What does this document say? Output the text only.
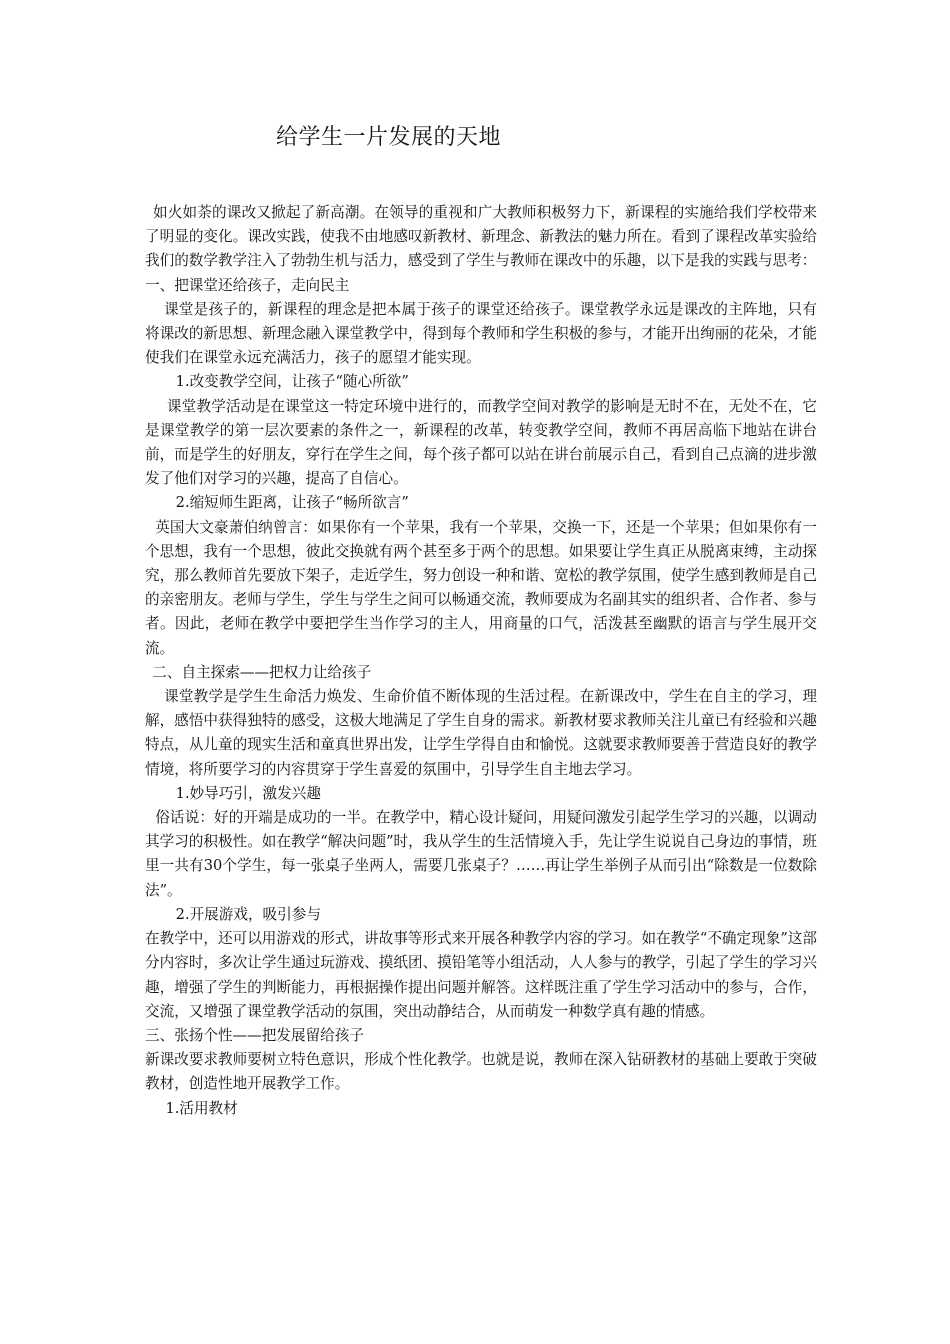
给学生一片发展的天地

如火如荼的课改又掀起了新高潮。在领导的重视和广大教师积极努力下，新课程的实施给我们学校带来了明显的变化。课改实践，使我不由地感叹新教材、新理念、新教法的魅力所在。看到了课程改革实验给我们的数学教学注入了勃勃生机与活力，感受到了学生与教师在课改中的乐趣，以下是我的实践与思考：

一、把课堂还给孩子，走向民主

课堂是孩子的，新课程的理念是把本属于孩子的课堂还给孩子。课堂教学永远是课改的主阵地，只有将课改的新思想、新理念融入课堂教学中，得到每个教师和学生积极的参与，才能开出绚丽的花朵，才能使我们在课堂永远充满活力，孩子的愿望才能实现。

1.改变教学空间，让孩子“随心所欲”

课堂教学活动是在课堂这一特定环境中进行的，而教学空间对教学的影响是无时不在，无处不在，它是课堂教学的第一层次要素的条件之一，新课程的改革，转变教学空间，教师不再居高临下地站在讲台前，而是学生的好朋友，穿行在学生之间，每个孩子都可以站在讲台前展示自己，看到自己点滴的进步激发了他们对学习的兴趣，提高了自信心。

2.缩短师生距离，让孩子“畅所欲言”

英国大文豪萧伯纳曾言：如果你有一个苹果，我有一个苹果，交换一下，还是一个苹果；但如果你有一个思想，我有一个思想，彼此交换就有两个甚至多于两个的思想。如果要让学生真正从脱离束缚，主动探究，那么教师首先要放下架子，走近学生，努力创设一种和谐、宽松的教学氛围，使学生感到教师是自己的亲密朋友。老师与学生，学生与学生之间可以畅通交流，教师要成为名副其实的组织者、合作者、参与者。因此，老师在教学中要把学生当作学习的主人，用商量的口气，活泼甚至幽默的语言与学生展开交流。

二、自主探索——把权力让给孩子

课堂教学是学生生命活力焕发、生命价值不断体现的生活过程。在新课改中，学生在自主的学习，理解，感悟中获得独特的感受，这极大地满足了学生自身的需求。新教材要求教师关注儿童已有经验和兴趣特点，从儿童的现实生活和童真世界出发，让学生学得自由和愉悦。这就要求教师要善于营造良好的教学情境，将所要学习的内容贯穿于学生喜爱的氛围中，引导学生自主地去学习。

1.妙导巧引，激发兴趣

俗话说：好的开端是成功的一半。在教学中，精心设计疑问，用疑问激发引起学生学习的兴趣，以调动其学习的积极性。如在教学“解决问题”时，我从学生的生活情境入手，先让学生说说自己身边的事情，班里一共有30个学生，每一张桌子坐两人，需要几张桌子？……再让学生举例子从而引出“除数是一位数除法”。

2.开展游戏，吸引参与

在教学中，还可以用游戏的形式，讲故事等形式来开展各种教学内容的学习。如在教学“不确定现象”这部分内容时，多次让学生通过玩游戏、摸纸团、摸铅笔等小组活动，人人参与的教学，引起了学生的学习兴趣，增强了学生的判断能力，再根据操作提出问题并解答。这样既注重了学生学习活动中的参与，合作，交流，又增强了课堂教学活动的氛围，突出动静结合，从而萌发一种数学真有趣的情感。

三、张扬个性——把发展留给孩子

新课改要求教师要树立特色意识，形成个性化教学。也就是说，教师在深入钻研教材的基础上要敢于突破教材，创造性地开展教学工作。

1.活用教材
